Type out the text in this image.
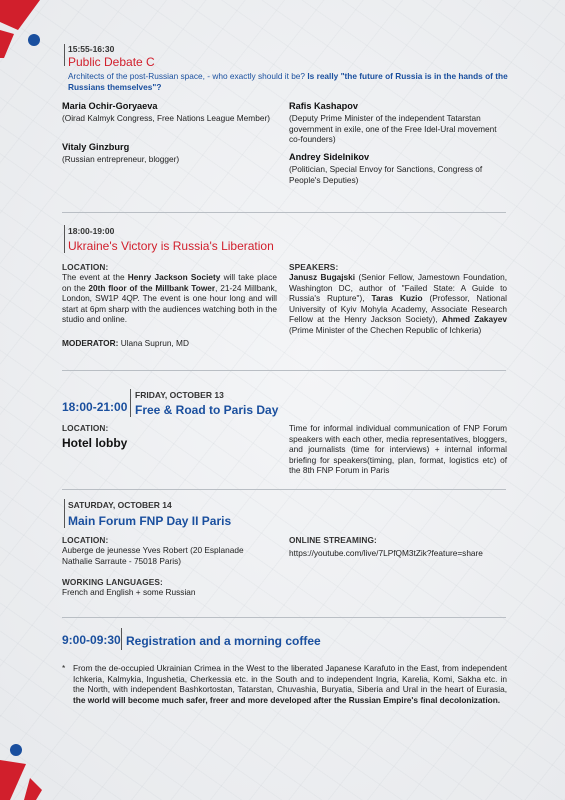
15:55-16:30
Public Debate C
Architects of the post-Russian space, - who exactly should it be? Is really "the future of Russia is in the hands of the Russians themselves"?
Maria Ochir-Goryaeva
(Oirad Kalmyk Congress, Free Nations League Member)
Vitaly Ginzburg
(Russian entrepreneur, blogger)
Rafis Kashapov
(Deputy Prime Minister of the independent Tatarstan government in exile, one of the Free Idel-Ural movement co-founders)
Andrey Sidelnikov
(Politician, Special Envoy for Sanctions, Congress of People's Deputies)
18:00-19:00
Ukraine's Victory is Russia's Liberation
LOCATION:
The event at the Henry Jackson Society will take place on the 20th floor of the Millbank Tower, 21-24 Millbank, London, SW1P 4QP. The event is one hour long and will start at 6pm sharp with the audiences watching both in the studio and online.
MODERATOR: Ulana Suprun, MD
SPEAKERS:
Janusz Bugajski (Senior Fellow, Jamestown Foundation, Washington DC, author of "Failed State: A Guide to Russia's Rupture"), Taras Kuzio (Professor, National University of Kyiv Mohyla Academy, Associate Research Fellow at the Henry Jackson Society), Ahmed Zakayev (Prime Minister of the Chechen Republic of Ichkeria)
FRIDAY, OCTOBER 13
18:00-21:00 Free & Road to Paris Day
LOCATION:
Hotel lobby
Time for informal individual communication of FNP Forum speakers with each other, media representatives, bloggers, and journalists (time for interviews) + internal informal briefing for speakers(timing, plan, format, logistics etc) of the 8th FNP Forum in Paris
SATURDAY, OCTOBER 14
Main Forum FNP Day II Paris
LOCATION:
Auberge de jeunesse Yves Robert (20 Esplanade Nathalie Sarraute - 75018 Paris)
ONLINE STREAMING:
https://youtube.com/live/7LPfQM3tZik?feature=share
WORKING LANGUAGES:
French and English + some Russian
9:00-09:30 Registration and a morning coffee
* From the de-occupied Ukrainian Crimea in the West to the liberated Japanese Karafuto in the East, from independent Ichkeria, Kalmykia, Ingushetia, Cherkessia etc. in the South and to independent Ingria, Karelia, Komi, Sakha etc. in the North, with independent Bashkortostan, Tatarstan, Chuvashia, Buryatia, Siberia and Ural in the heart of Eurasia, the world will become much safer, freer and more developed after the Russian Empire's final decolonization.
